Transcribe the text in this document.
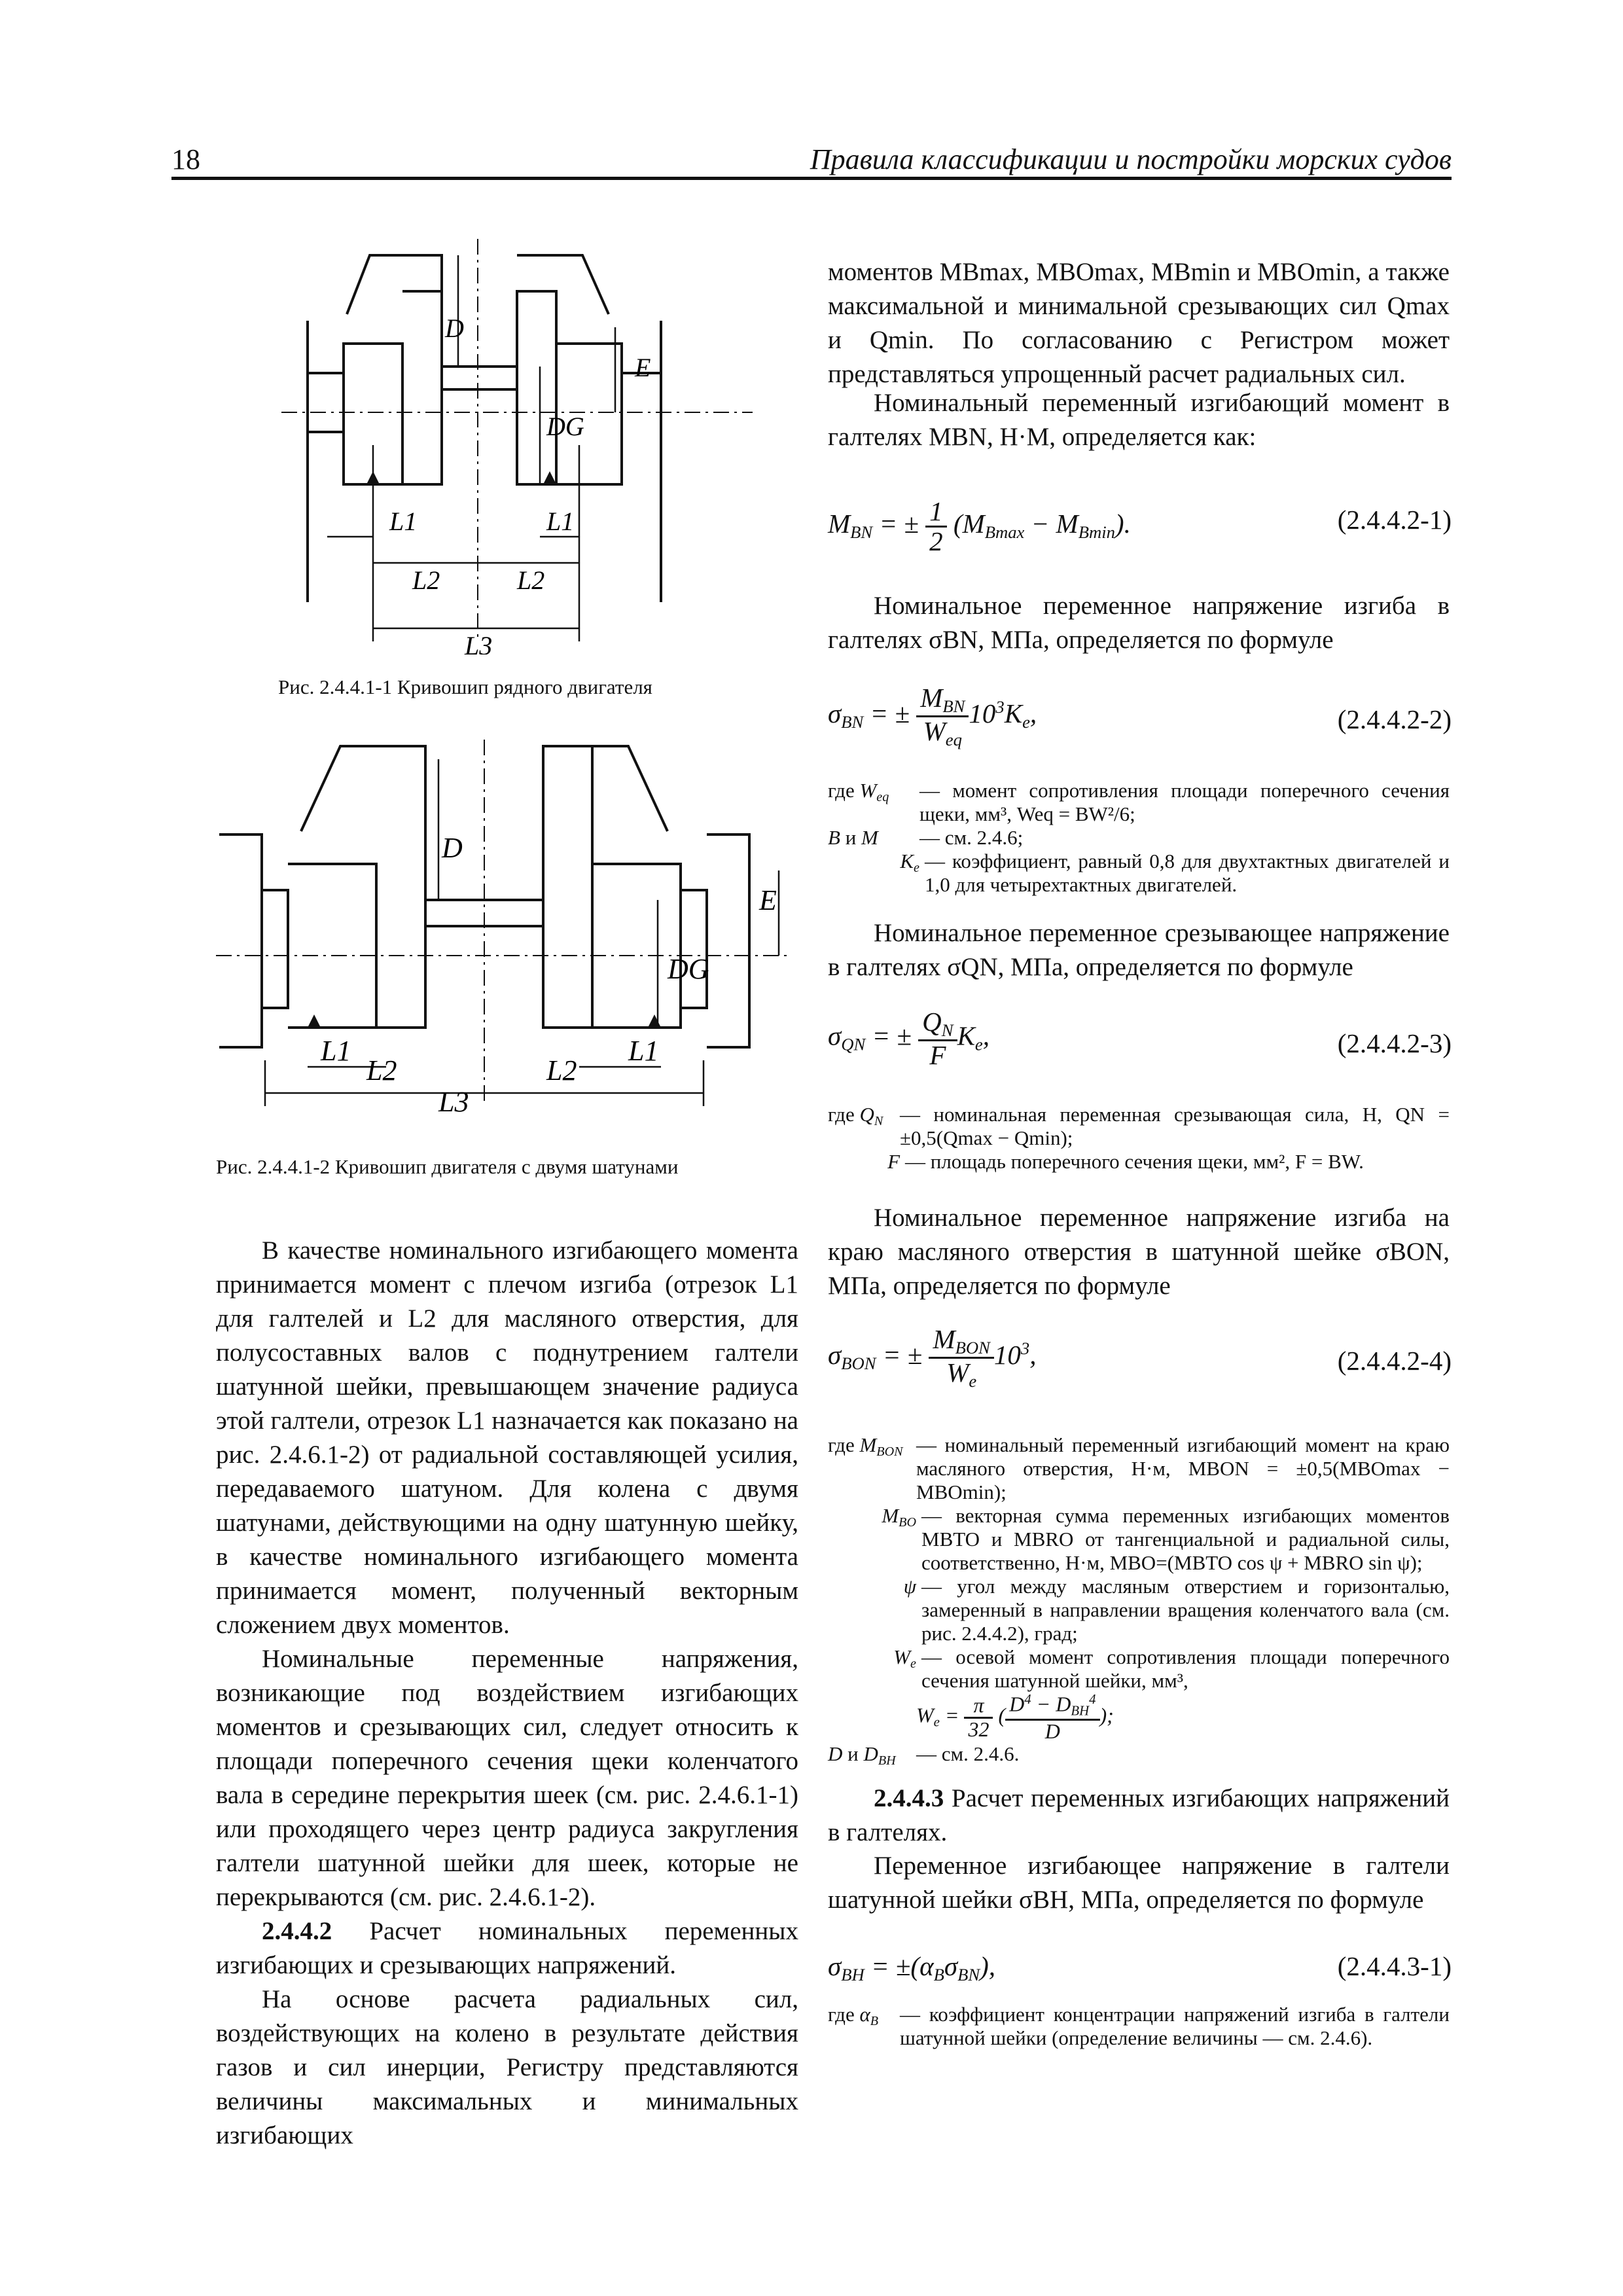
18	Правила классификации и постройки морских судов
D
E
DG
L1	L1
L2	L2
L3
Рис. 2.4.4.1-1 Кривошип рядного двигателя
D
E
DG
L1	L1
L2	L2
L3
Рис. 2.4.4.1-2 Кривошип двигателя с двумя шатунами

В качестве номинального изгибающего момента принимается момент с плечом изгиба (отрезок L1 для галтелей и L2 для масляного отверстия, для полусоставных валов с поднутрением галтели шатунной шейки, превышающем значение радиуса этой галтели, отрезок L1 назначается как показано на рис. 2.4.6.1-2) от радиальной составляющей усилия, передаваемого шатуном. Для колена с двумя шатунами, действующими на одну шатунную шейку, в качестве номинального изгибающего момента принимается момент, полученный векторным сложением двух моментов.

Номинальные переменные напряжения, возникающие под воздействием изгибающих моментов и срезывающих сил, следует относить к площади поперечного сечения щеки коленчатого вала в середине перекрытия шеек (см. рис. 2.4.6.1-1) или проходящего через центр радиуса закругления галтели шатунной шейки для шеек, которые не перекрываются (см. рис. 2.4.6.1-2).

2.4.4.2 Расчет номинальных переменных изгибающих и срезывающих напряжений.

На основе расчета радиальных сил, воздействующих на колено в результате действия газов и сил инерции, Регистру представляются величины максимальных и минимальных изгибающих

моментов MBmax, MBOmax, MBmin и MBOmin, а также максимальной и минимальной срезывающих сил Qmax и Qmin. По согласованию с Регистром может представляться упрощенный расчет радиальных сил.
Номинальный переменный изгибающий момент в галтелях MBN, Н·М, определяется как:
$M_{BN}$ = ± $\frac{1}{2} (M_{Bmax} - M_{Bmin})$.	(2.4.4.2-1)
Номинальное переменное напряжение изгиба в галтелях σBN, МПа, определяется по формуле
$\sigma_{BN}$ = ± $\frac{M_{BN}}{W_{eq}} 10^3K_e$,	(2.4.4.2-2)
где $W_{eq}$	— момент сопротивления площади поперечного сечения щеки, мм³, Weq = BW²/6;
B и M	— см. 2.4.6;
$K_e$ — коэффициент, равный 0,8 для двухтактных двигателей и 1,0 для четырехтактных двигателей.
Номинальное переменное срезывающее напряжение в галтелях σQN, МПа, определяется по формуле
$\sigma_{QN}$ = ± $\frac{Q_N}{F} K_e$,	(2.4.4.2-3)
где $Q_N$ — номинальная переменная срезывающая сила, Н, QN = ±0,5(Qmax − Qmin);
F — площадь поперечного сечения щеки, мм², F = BW.
Номинальное переменное напряжение изгиба на краю масляного отверстия в шатунной шейке σBON, МПа, определяется по формуле
$\sigma_{BON}$ = ± $\frac{M_{BON}}{W_e} 10^3$,	(2.4.4.2-4)
где $M_{BON}$ — номинальный переменный изгибающий момент на краю масляного отверстия, Н·м, MBON = ±0,5(MBOmax − MBOmin);
$M_{BO}$ — векторная сумма переменных изгибающих моментов MBTO и MBRO от тангенциальной и радиальной силы, соответственно, Н·м, MBO=(MBTO cos ψ + MBRO sin ψ);
ψ — угол между масляным отверстием и горизонталью, замеренный в направлении вращения коленчатого вала (см. рис. 2.4.4.2), град;
$W_e$ — осевой момент сопротивления площади поперечного сечения шатунной шейки, мм³,
$W_e = \frac{\pi}{32}$ ( $\frac{D^4 - D_{BH}^4}{D}$ );
D и $D_{BH}$	— см. 2.4.6.
2.4.4.3 Расчет переменных изгибающих напряжений в галтелях.
Переменное изгибающее напряжение в галтели шатунной шейки σBH, МПа, определяется по формуле
$\sigma_{BH} = \pm(\alpha_B\sigma_{BN})$,	(2.4.4.3-1)
где $\alpha_B$	— коэффициент концентрации напряжений изгиба в галтели шатунной шейки (определение величины — см. 2.4.6).
